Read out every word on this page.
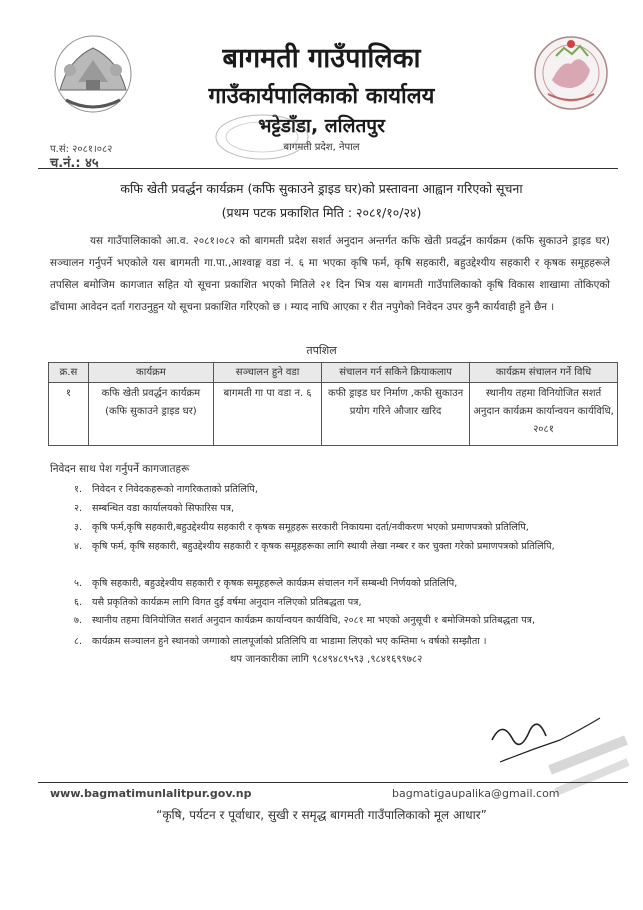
बागमती गाउँपालिका
गाउँकार्यपालिकाको कार्यालय
भट्टेडाँडा, ललितपुर
बागमती प्रदेश, नेपाल
प.सं: २०८१।०८२
च.नं.: ४५
कफि खेती प्रवर्द्धन कार्यक्रम (कफि सुकाउने ड्राइड घर)को प्रस्तावना आह्वान गरिएको सूचना
(प्रथम पटक प्रकाशित मिति : २०८१/१०/२४)
यस गाउँपालिकाको आ.व. २०८१।०८२ को बागमती प्रदेश सशर्त अनुदान अन्तर्गत कफि खेती प्रवर्द्धन कार्यक्रम (कफि सुकाउने ड्राइड घर) सञ्चालन गर्नुपर्ने भएकोले यस बागमती गा.पा.,आश्वाङ्ग वडा नं. ६ मा भएका कृषि फर्म, कृषि सहकारी, बहुउद्देश्यीय सहकारी र कृषक समूहहरूले तपसिल बमोजिम कागजात सहित यो सूचना प्रकाशित भएको मितिले २१ दिन भित्र यस बागमती गाउँपालिकाको कृषि विकास शाखामा तोकिएको ढाँचामा आवेदन दर्ता गराउनुहुन यो सूचना प्रकाशित गरिएको छ । म्याद नाघि आएका र रीत नपुगेको निवेदन उपर कुनै कार्यवाही हुने छैन ।
तपशिल
क्र.स	कार्यक्रम	सञ्चालन हुने वडा	संचालन गर्न सकिने क्रियाकलाप	कार्यक्रम संचालन गर्ने विधि
१	कफि खेती प्रवर्द्धन कार्यक्रम (कफि सुकाउने ड्राइड घर)	बागमती गा पा वडा न. ६	कफी ड्राइड घर निर्माण ,कफी सुकाउन प्रयोग गरिने औजार खरिद	स्थानीय तहमा विनियोजित सशर्त अनुदान कार्यक्रम कार्यान्वयन कार्यविधि, २०८१
निवेदन साथ पेश गर्नुपर्ने कागजातहरू
१. निवेदन र निवेदकहरूको नागरिकताको प्रतिलिपि,
२. सम्बन्धित वडा कार्यालयको सिफारिस पत्र,
३. कृषि फर्म,कृषि सहकारी,बहुउद्देश्यीय सहकारी र कृषक समूहहरू सरकारी निकायमा दर्ता/नवीकरण भएको प्रमाणपत्रको प्रतिलिपि,
४. कृषि फर्म, कृषि सहकारी, बहुउद्देश्यीय सहकारी र कृषक समूहहरूका लागि स्थायी लेखा नम्बर र कर चुक्ता गरेको प्रमाणपत्रको प्रतिलिपि,
५. कृषि सहकारी, बहुउद्देश्यीय सहकारी र कृषक समूहहरूले कार्यक्रम संचालन गर्ने सम्बन्धी निर्णयको प्रतिलिपि,
६. यसै प्रकृतिको कार्यक्रम लागि विगत दुई वर्षमा अनुदान नलिएको प्रतिबद्धता पत्र,
७. स्थानीय तहमा विनियोजित सशर्त अनुदान कार्यक्रम कार्यान्वयन कार्यविधि, २०८१ मा भएको अनुसूची १ बमोजिमको प्रतिबद्धता पत्र,
८. कार्यक्रम सञ्चालन हुने स्थानको जग्गाको लालपूर्जाको प्रतिलिपि वा भाडामा लिएको भए कम्तिमा ५ वर्षको सम्झौता ।
थप जानकारीका लागि ९८४९४८९५९३ ,९८४१६९९७८२
www.bagmatimunlalitpur.gov.np	bagmatigaupalika@gmail.com
“कृषि, पर्यटन र पूर्वाधार, सुखी र समृद्ध बागमती गाउँपालिकाको मूल आधार”
